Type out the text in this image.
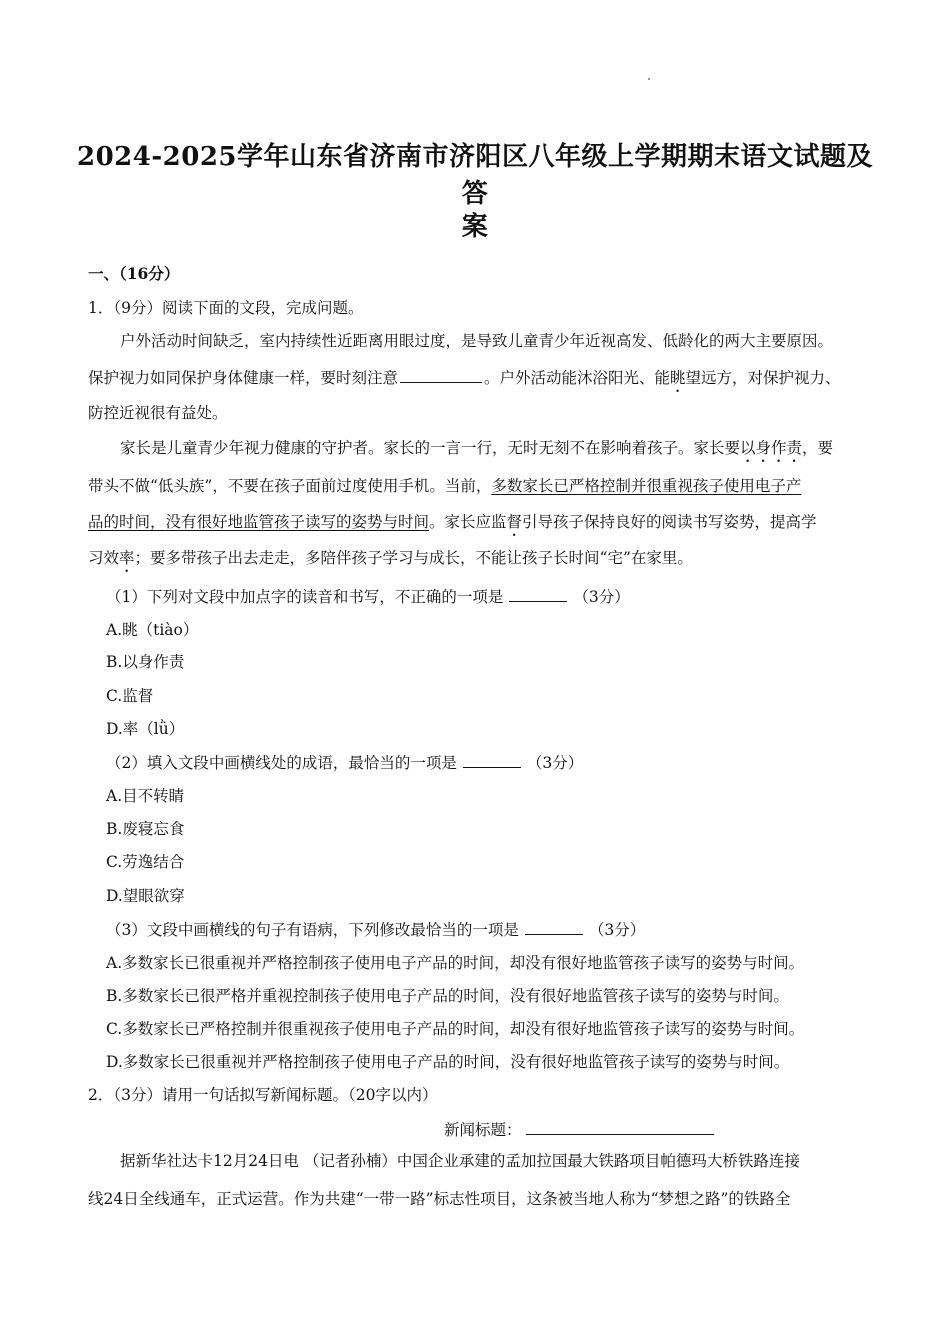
2024-2025学年山东省济南市济阳区八年级上学期期末语文试题及答
案
一、（16分）
1．（9分）阅读下面的文段，完成问题。
户外活动时间缺乏，室内持续性近距离用眼过度，是导致儿童青少年近视高发、低龄化的两大主要原因。
保护视力如同保护身体健康一样，要时刻注意	。户外活动能沐浴阳光、能眺望远方，对保护视力、
防控近视很有益处。
家长是儿童青少年视力健康的守护者。家长的一言一行，无时无刻不在影响着孩子。家长要以身作责，要
带头不做“低头族”，不要在孩子面前过度使用手机。当前，多数家长已严格控制并很重视孩子使用电子产
品的时间，没有很好地监管孩子读写的姿势与时间。家长应监督引导孩子保持良好的阅读书写姿势，提高学
习效率；要多带孩子出去走走，多陪伴孩子学习与成长，不能让孩子长时间“宅”在家里。
（1）下列对文段中加点字的读音和书写，不正确的一项是	（3分）
A.眺（tiào）
B.以身作责
C.监督
D.率（lǜ）
（2）填入文段中画横线处的成语，最恰当的一项是	（3分）
A.目不转睛
B.废寝忘食
C.劳逸结合
D.望眼欲穿
（3）文段中画横线的句子有语病，下列修改最恰当的一项是	（3分）
A.多数家长已很重视并严格控制孩子使用电子产品的时间，却没有很好地监管孩子读写的姿势与时间。
B.多数家长已很严格并重视控制孩子使用电子产品的时间，没有很好地监管孩子读写的姿势与时间。
C.多数家长已严格控制并很重视孩子使用电子产品的时间，却没有很好地监管孩子读写的姿势与时间。
D.多数家长已很重视并严格控制孩子使用电子产品的时间，没有很好地监管孩子读写的姿势与时间。
2．（3分）请用一句话拟写新闻标题。（20字以内）
新闻标题：
据新华社达卡12月24日电 （记者孙楠）中国企业承建的孟加拉国最大铁路项目帕德玛大桥铁路连接
线24日全线通车，正式运营。作为共建“一带一路”标志性项目，这条被当地人称为“梦想之路”的铁路全
